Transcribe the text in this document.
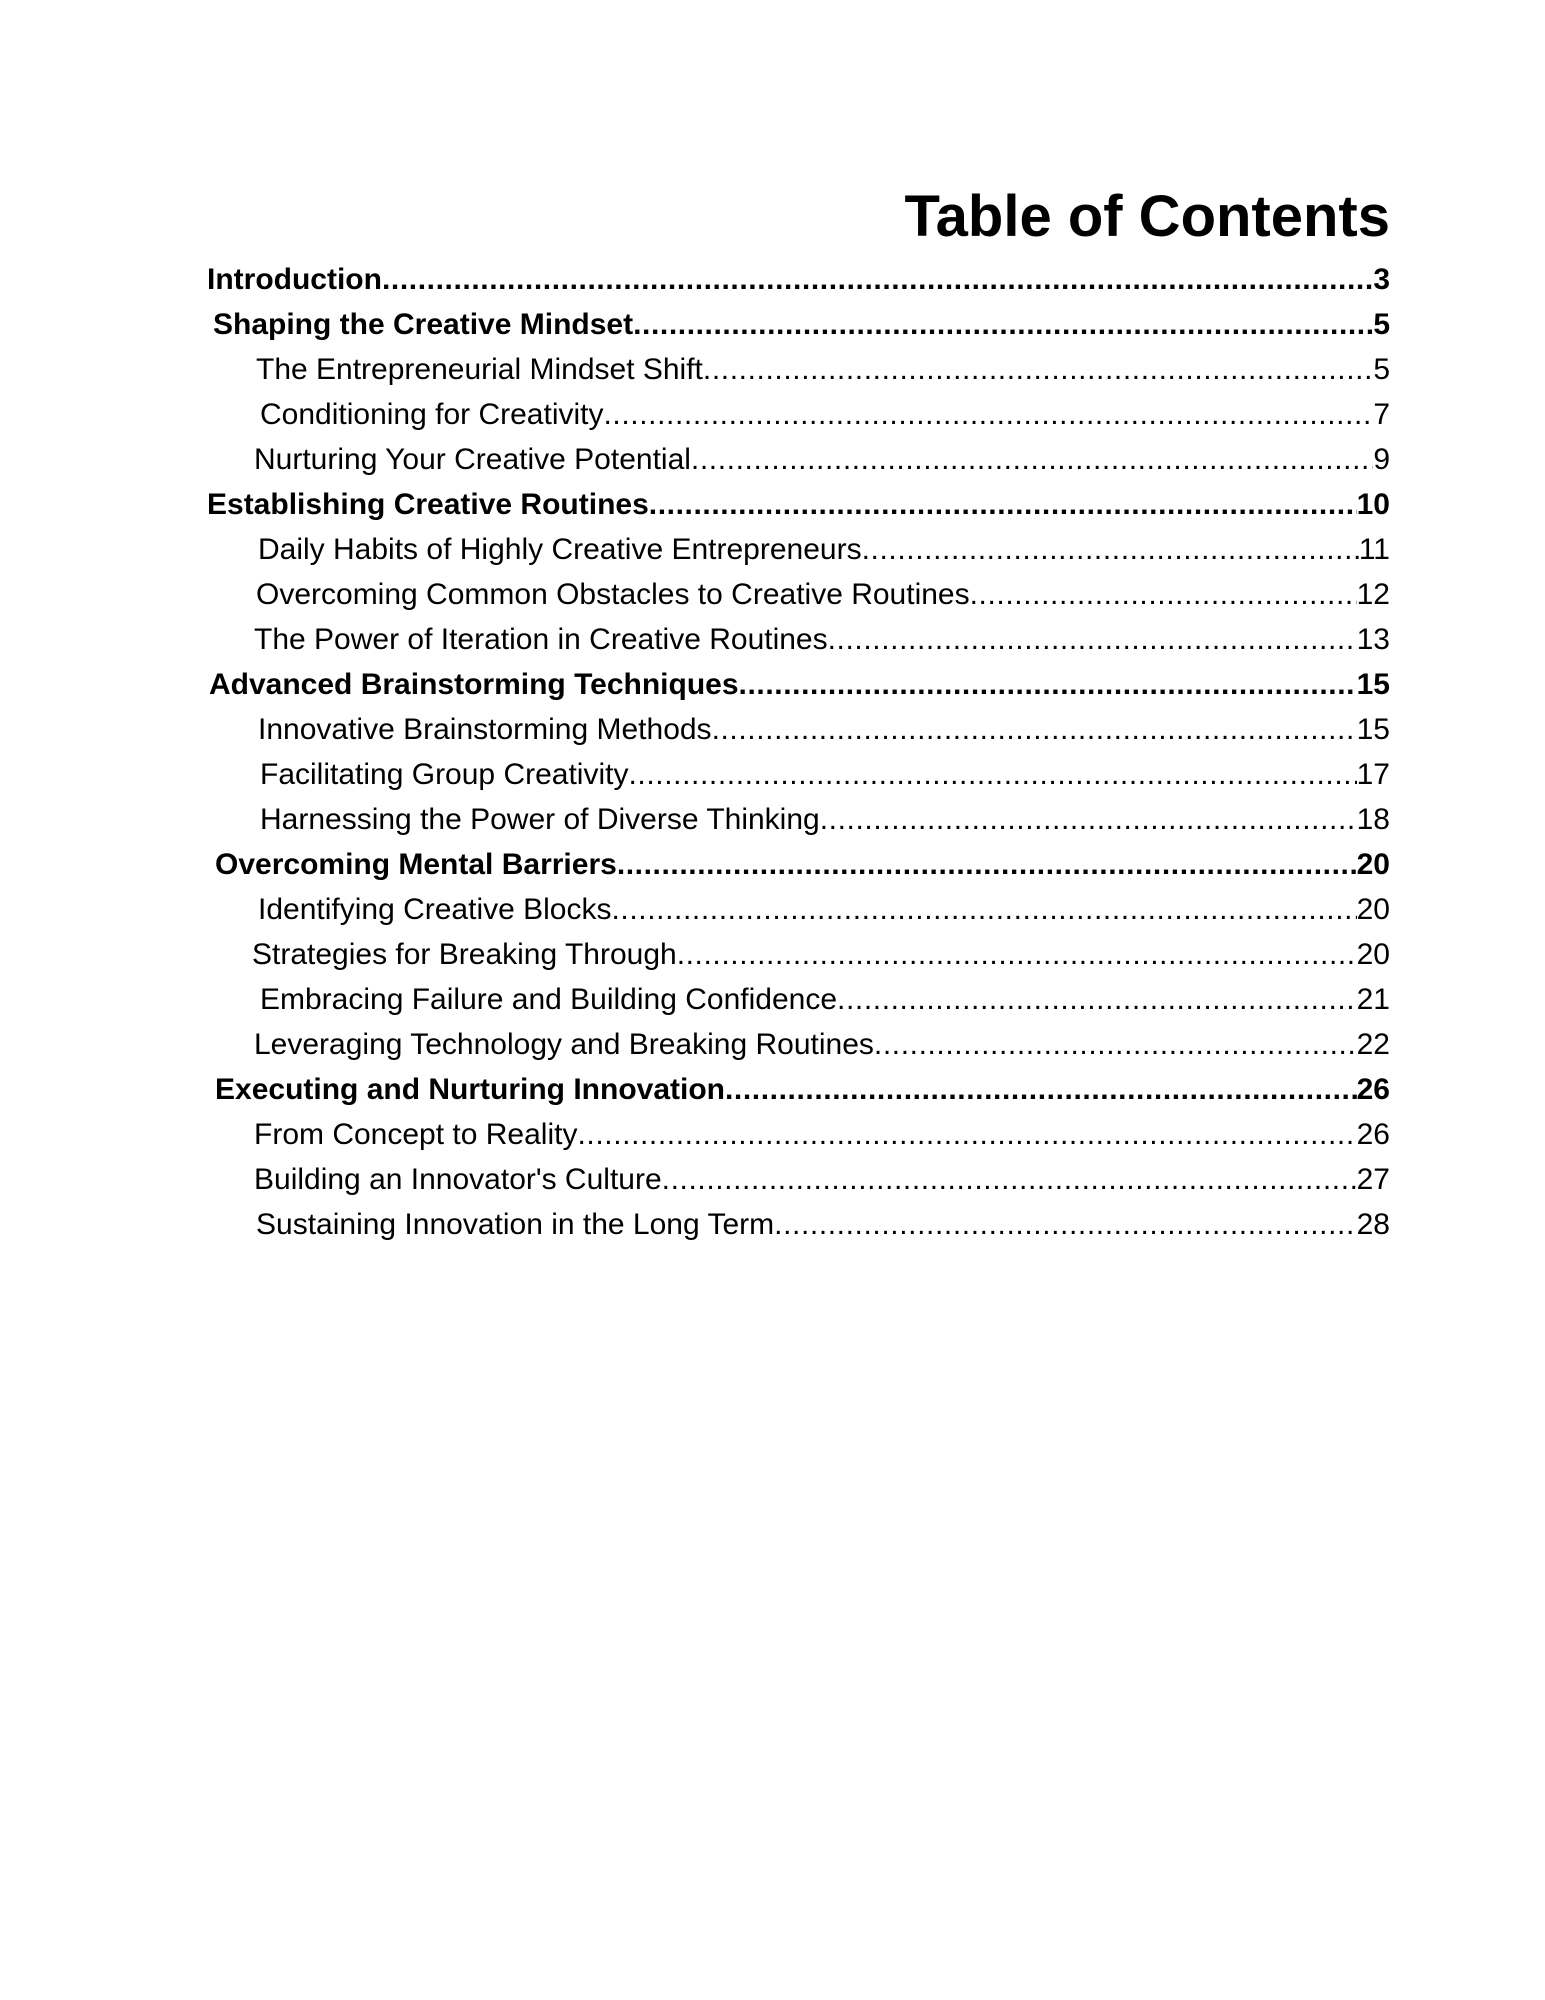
Table of Contents
Introduction .....	3
Shaping the Creative Mindset .....	5
The Entrepreneurial Mindset Shift .....	5
Conditioning for Creativity .....	7
Nurturing Your Creative Potential .....	9
Establishing Creative Routines .....	10
Daily Habits of Highly Creative Entrepreneurs .....	11
Overcoming Common Obstacles to Creative Routines .....	12
The Power of Iteration in Creative Routines .....	13
Advanced Brainstorming Techniques .....	15
Innovative Brainstorming Methods .....	15
Facilitating Group Creativity .....	17
Harnessing the Power of Diverse Thinking .....	18
Overcoming Mental Barriers .....	20
Identifying Creative Blocks .....	20
Strategies for Breaking Through .....	20
Embracing Failure and Building Confidence .....	21
Leveraging Technology and Breaking Routines .....	22
Executing and Nurturing Innovation .....	26
From Concept to Reality .....	26
Building an Innovator's Culture .....	27
Sustaining Innovation in the Long Term .....	28
